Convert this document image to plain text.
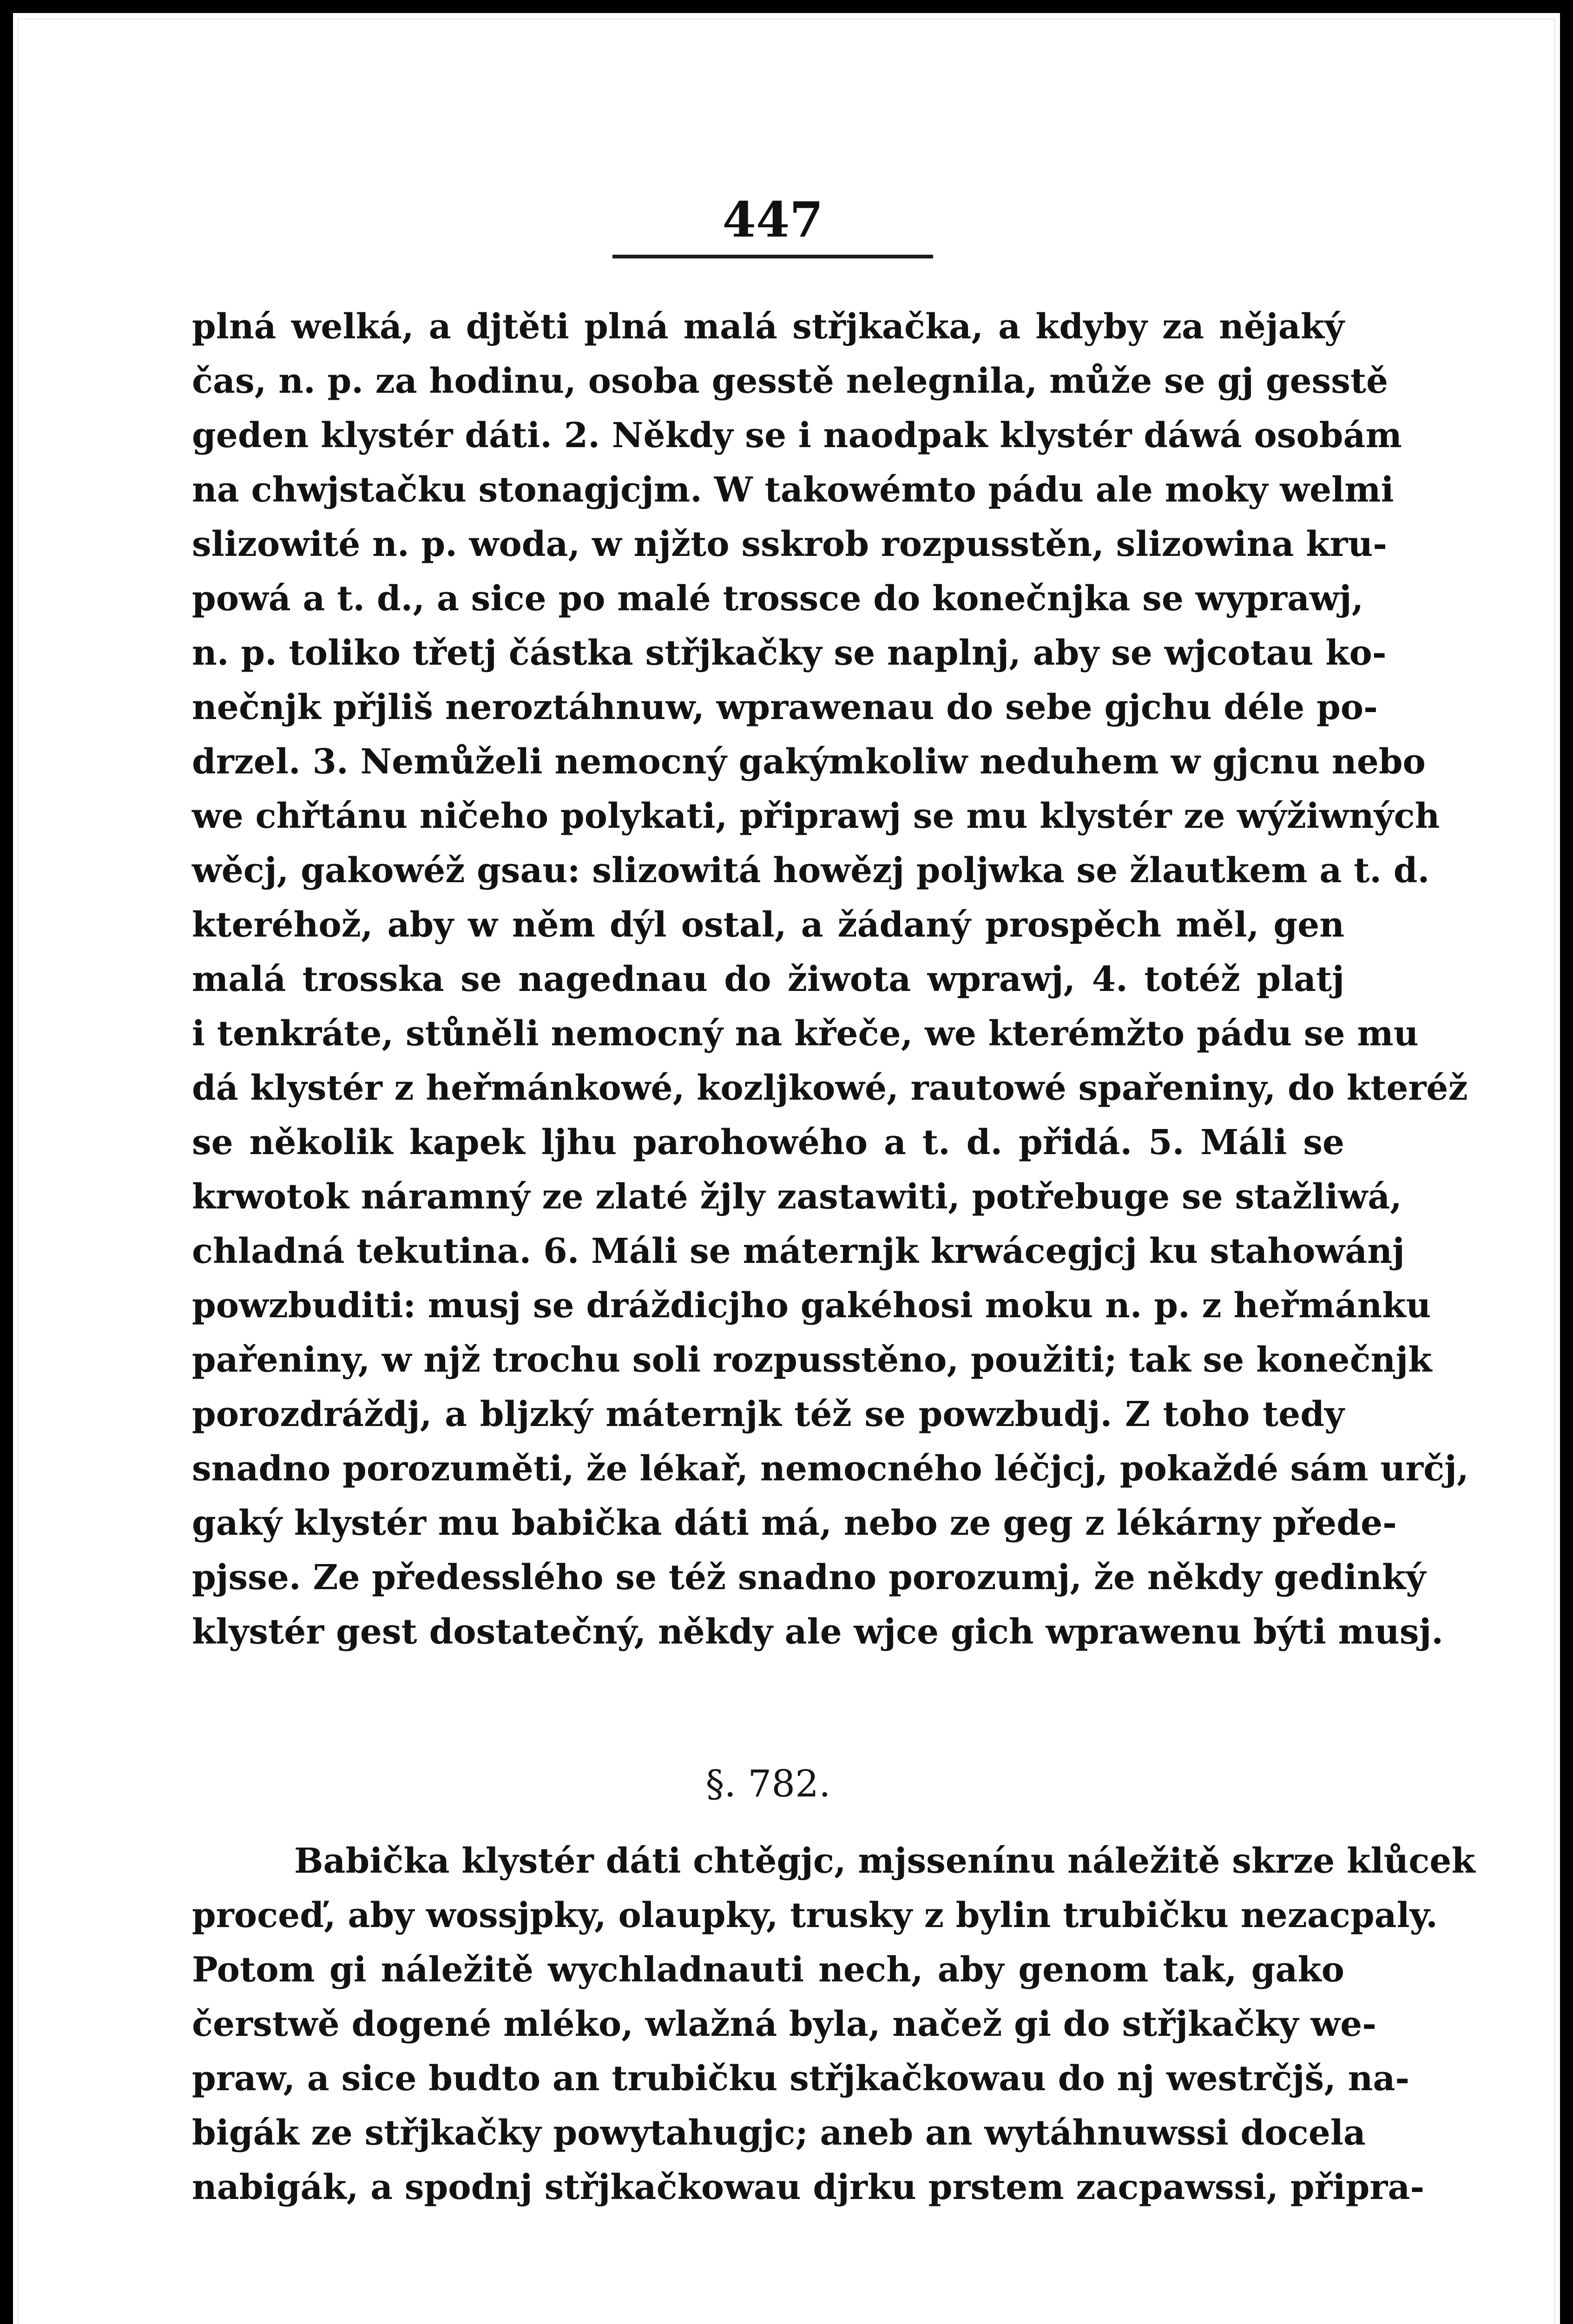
447
plná welká, a djtěti plná malá střjkačka, a kdyby za nějaký
čas, n. p. za hodinu, osoba gesstě nelegnila, může se gj gesstě
geden klystér dáti. 2. Někdy se i naodpak klystér dáwá osobám
na chwjstačku stonagjcjm. W takowémto pádu ale moky welmi
slizowité n. p. woda, w njžto sskrob rozpusstěn, slizowina kru-
powá a t. d., a sice po malé trossce do konečnjka se wyprawj,
n. p. toliko třetj částka střjkačky se naplnj, aby se wjcotau ko-
nečnjk přjliš neroztáhnuw, wprawenau do sebe gjchu déle po-
drzel. 3. Nemůželi nemocný gakýmkoliw neduhem w gjcnu nebo
we chřtánu ničeho polykati, připrawj se mu klystér ze wýžiwných
wěcj, gakowéž gsau: slizowitá howězj poljwka se žlautkem a t. d.
kteréhož, aby w něm dýl ostal, a žádaný prospěch měl, gen
malá trosska se nagednau do žiwota wprawj, 4. totéž platj
i tenkráte, stůněli nemocný na křeče, we kterémžto pádu se mu
dá klystér z heřmánkowé, kozljkowé, rautowé spařeniny, do kteréž
se několik kapek ljhu parohowého a t. d. přidá. 5. Máli se
krwotok náramný ze zlaté žjly zastawiti, potřebuge se stažliwá,
chladná tekutina. 6. Máli se máternjk krwácegjcj ku stahowánj
powzbuditi: musj se dráždicjho gakéhosi moku n. p. z heřmánku
pařeniny, w njž trochu soli rozpusstěno, použiti; tak se konečnjk
porozdráždj, a bljzký máternjk též se powzbudj. Z toho tedy
snadno porozuměti, že lékař, nemocného léčjcj, pokaždé sám určj,
gaký klystér mu babička dáti má, nebo ze geg z lékárny přede-
pjsse. Ze předesslého se též snadno porozumj, že někdy gedinký
klystér gest dostatečný, někdy ale wjce gich wprawenu býti musj.
§. 782.
Babička klystér dáti chtěgjc, mjssenínu náležitě skrze klůcek
proceď, aby wossjpky, olaupky, trusky z bylin trubičku nezacpaly.
Potom gi náležitě wychladnauti nech, aby genom tak, gako
čerstwě dogené mléko, wlažná byla, načež gi do střjkačky we-
praw, a sice budto an trubičku střjkačkowau do nj westrčjš, na-
bigák ze střjkačky powytahugjc; aneb an wytáhnuwssi docela
nabigák, a spodnj střjkačkowau djrku prstem zacpawssi, připra-
